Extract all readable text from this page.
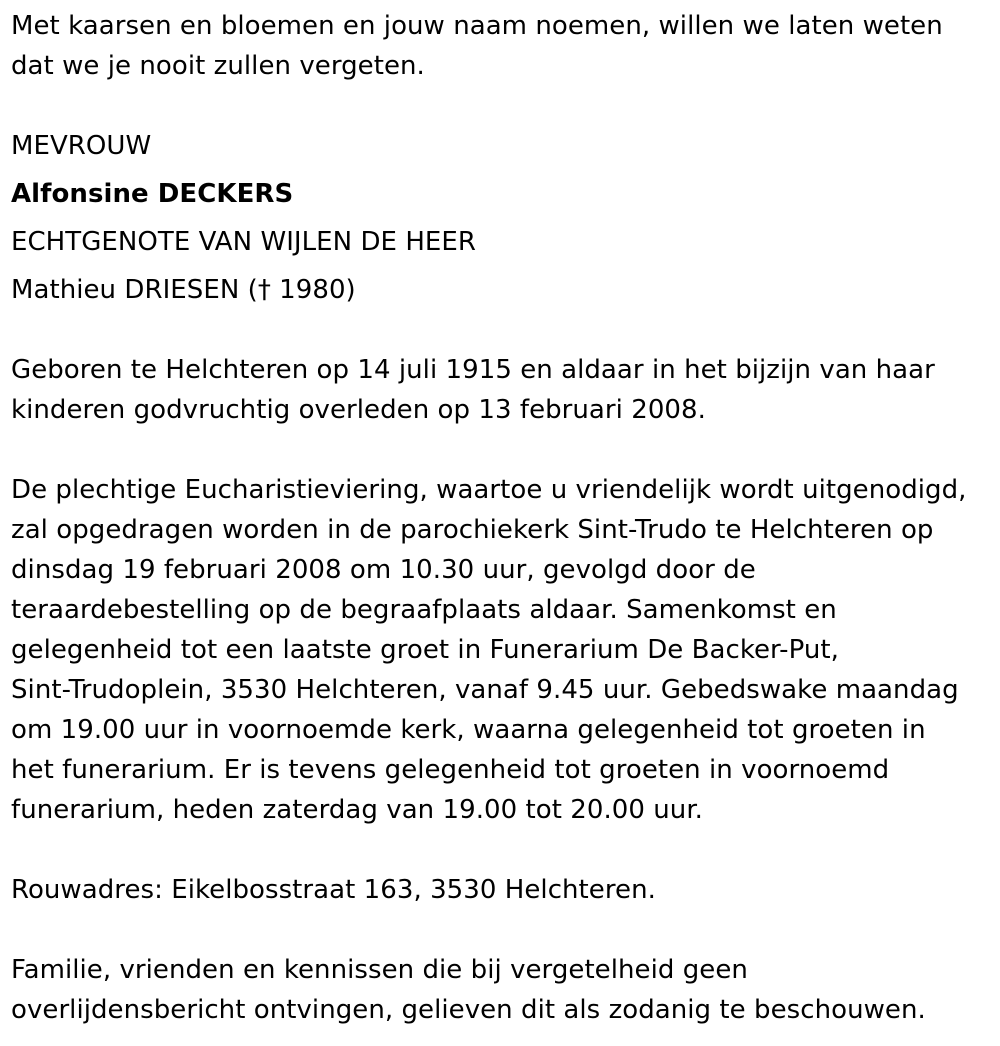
Met kaarsen en bloemen en jouw naam noemen, willen we laten weten
dat we je nooit zullen vergeten.

MEVROUW

Alfonsine DECKERS

ECHTGENOTE VAN WIJLEN DE HEER

Mathieu DRIESEN († 1980)

Geboren te Helchteren op 14 juli 1915 en aldaar in het bijzijn van haar
kinderen godvruchtig overleden op 13 februari 2008.

De plechtige Eucharistieviering, waartoe u vriendelijk wordt uitgenodigd,
zal opgedragen worden in de parochiekerk Sint-Trudo te Helchteren op
dinsdag 19 februari 2008 om 10.30 uur, gevolgd door de
teraardebestelling op de begraafplaats aldaar. Samenkomst en
gelegenheid tot een laatste groet in Funerarium De Backer-Put,
Sint-Trudoplein, 3530 Helchteren, vanaf 9.45 uur. Gebedswake maandag
om 19.00 uur in voornoemde kerk, waarna gelegenheid tot groeten in
het funerarium. Er is tevens gelegenheid tot groeten in voornoemd
funerarium, heden zaterdag van 19.00 tot 20.00 uur.

Rouwadres: Eikelbosstraat 163, 3530 Helchteren.

Familie, vrienden en kennissen die bij vergetelheid geen
overlijdensbericht ontvingen, gelieven dit als zodanig te beschouwen.
